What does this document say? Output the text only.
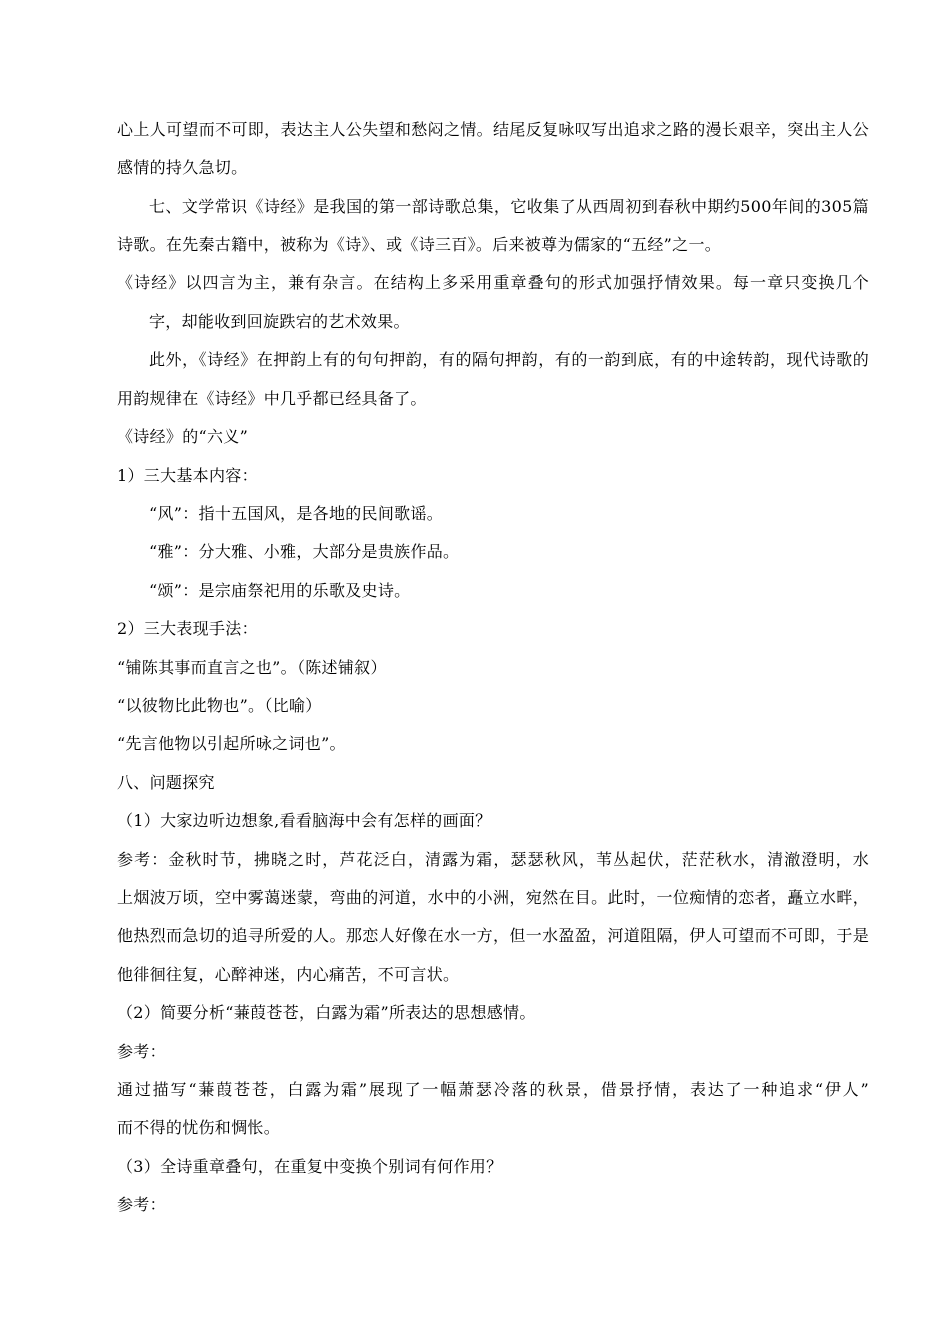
心上人可望而不可即，表达主人公失望和愁闷之情。结尾反复咏叹写出追求之路的漫长艰辛，突出主人公
感情的持久急切。
七、文学常识《诗经》是我国的第一部诗歌总集，它收集了从西周初到春秋中期约500年间的305篇
诗歌。在先秦古籍中，被称为《诗》、或《诗三百》。后来被尊为儒家的“五经”之一。
《诗经》以四言为主，兼有杂言。在结构上多采用重章叠句的形式加强抒情效果。每一章只变换几个
字，却能收到回旋跌宕的艺术效果。
此外，《诗经》在押韵上有的句句押韵，有的隔句押韵，有的一韵到底，有的中途转韵，现代诗歌的
用韵规律在《诗经》中几乎都已经具备了。
《诗经》的“六义”
1）三大基本内容：
“风”：指十五国风，是各地的民间歌谣。
“雅”：分大雅、小雅，大部分是贵族作品。
“颂”：是宗庙祭祀用的乐歌及史诗。
2）三大表现手法：
“铺陈其事而直言之也”。（陈述铺叙）
“以彼物比此物也”。（比喻）
“先言他物以引起所咏之词也”。
八、问题探究
（1）大家边听边想象,看看脑海中会有怎样的画面？
参考：金秋时节，拂晓之时，芦花泛白，清露为霜，瑟瑟秋风，苇丛起伏，茫茫秋水，清澈澄明，水
上烟波万顷，空中雾蔼迷蒙，弯曲的河道，水中的小洲，宛然在目。此时，一位痴情的恋者，矗立水畔，
他热烈而急切的追寻所爱的人。那恋人好像在水一方，但一水盈盈，河道阻隔，伊人可望而不可即，于是
他徘徊往复，心醉神迷，内心痛苦，不可言状。
（2）简要分析“蒹葭苍苍，白露为霜”所表达的思想感情。
参考：
通过描写“蒹葭苍苍，白露为霜”展现了一幅萧瑟冷落的秋景，借景抒情，表达了一种追求“伊人”
而不得的忧伤和惆怅。
（3）全诗重章叠句，在重复中变换个别词有何作用？
参考：
